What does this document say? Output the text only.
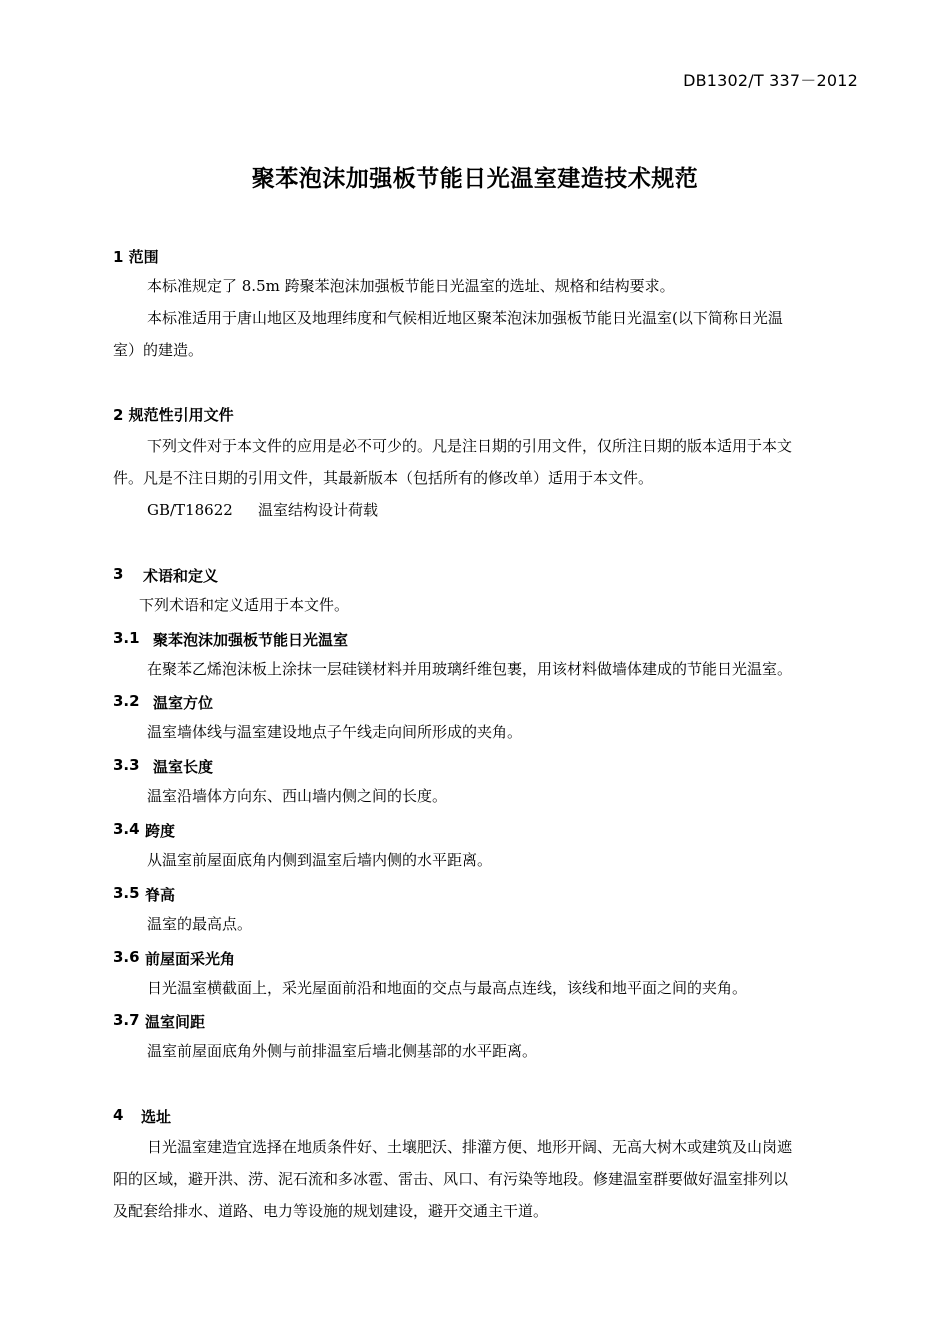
DB1302/T 337－2012
聚苯泡沫加强板节能日光温室建造技术规范
1 范围
本标准规定了 8.5m 跨聚苯泡沫加强板节能日光温室的选址、规格和结构要求。
本标准适用于唐山地区及地理纬度和气候相近地区聚苯泡沫加强板节能日光温室(以下简称日光温
室）的建造。
2 规范性引用文件
下列文件对于本文件的应用是必不可少的。凡是注日期的引用文件，仅所注日期的版本适用于本文
件。凡是不注日期的引用文件，其最新版本（包括所有的修改单）适用于本文件。
GB/T18622 温室结构设计荷载
3 术语和定义
下列术语和定义适用于本文件。
3.1 聚苯泡沫加强板节能日光温室
在聚苯乙烯泡沫板上涂抹一层硅镁材料并用玻璃纤维包裹，用该材料做墙体建成的节能日光温室。
3.2 温室方位
温室墙体线与温室建设地点子午线走向间所形成的夹角。
3.3 温室长度
温室沿墙体方向东、西山墙内侧之间的长度。
3.4 跨度
从温室前屋面底角内侧到温室后墙内侧的水平距离。
3.5 脊高
温室的最高点。
3.6 前屋面采光角
日光温室横截面上，采光屋面前沿和地面的交点与最高点连线，该线和地平面之间的夹角。
3.7 温室间距
温室前屋面底角外侧与前排温室后墙北侧基部的水平距离。
4 选址
日光温室建造宜选择在地质条件好、土壤肥沃、排灌方便、地形开阔、无高大树木或建筑及山岗遮
阳的区域，避开洪、涝、泥石流和多冰雹、雷击、风口、有污染等地段。修建温室群要做好温室排列以
及配套给排水、道路、电力等设施的规划建设，避开交通主干道。
